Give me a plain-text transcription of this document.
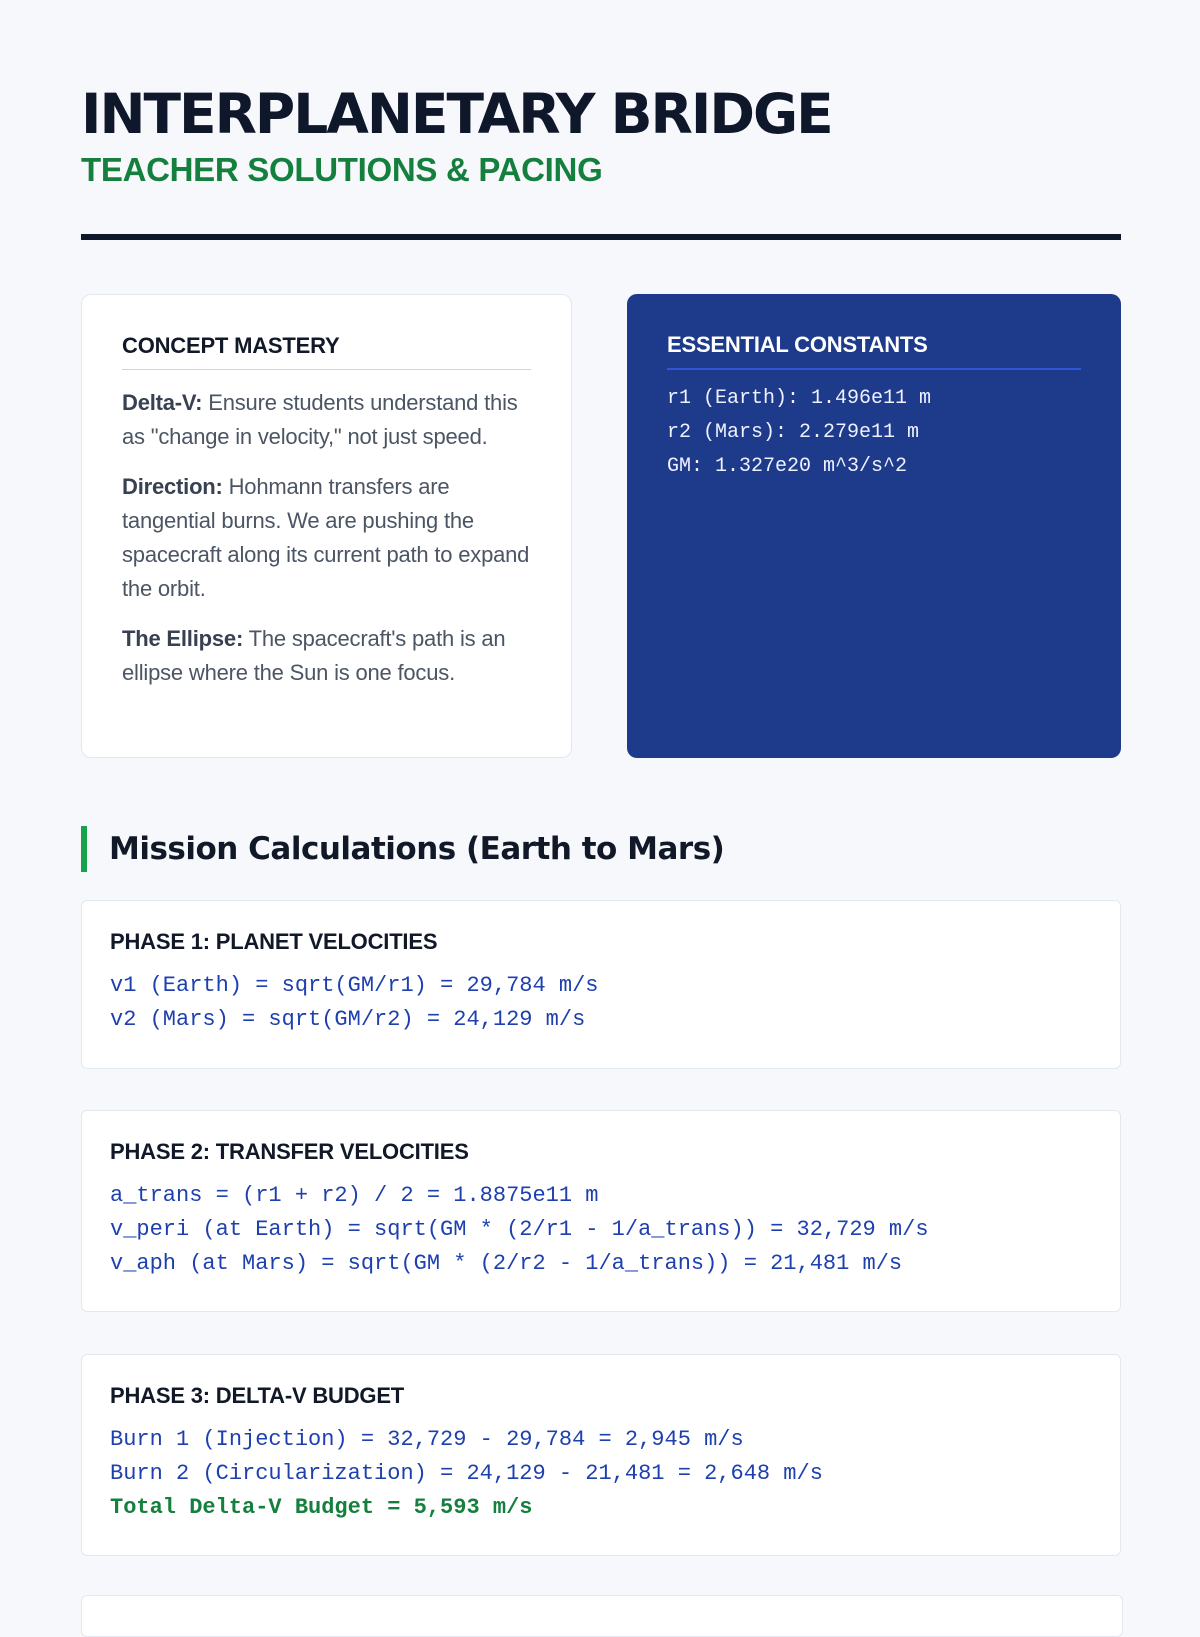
INTERPLANETARY BRIDGE
TEACHER SOLUTIONS & PACING
CONCEPT MASTERY

Delta-V: Ensure students understand this as "change in velocity," not just speed.

Direction: Hohmann transfers are tangential burns. We are pushing the spacecraft along its current path to expand the orbit.

The Ellipse: The spacecraft's path is an ellipse where the Sun is one focus.

ESSENTIAL CONSTANTS
r1 (Earth): 1.496e11 m
r2 (Mars): 2.279e11 m
GM: 1.327e20 m^3/s^2
Mission Calculations (Earth to Mars)
PHASE 1: PLANET VELOCITIES
v1 (Earth) = sqrt(GM/r1) = 29,784 m/s
v2 (Mars) = sqrt(GM/r2) = 24,129 m/s
PHASE 2: TRANSFER VELOCITIES
a_trans = (r1 + r2) / 2 = 1.8875e11 m
v_peri (at Earth) = sqrt(GM * (2/r1 - 1/a_trans)) = 32,729 m/s
v_aph (at Mars) = sqrt(GM * (2/r2 - 1/a_trans)) = 21,481 m/s
PHASE 3: DELTA-V BUDGET
Burn 1 (Injection) = 32,729 - 29,784 = 2,945 m/s
Burn 2 (Circularization) = 24,129 - 21,481 = 2,648 m/s
Total Delta-V Budget = 5,593 m/s
